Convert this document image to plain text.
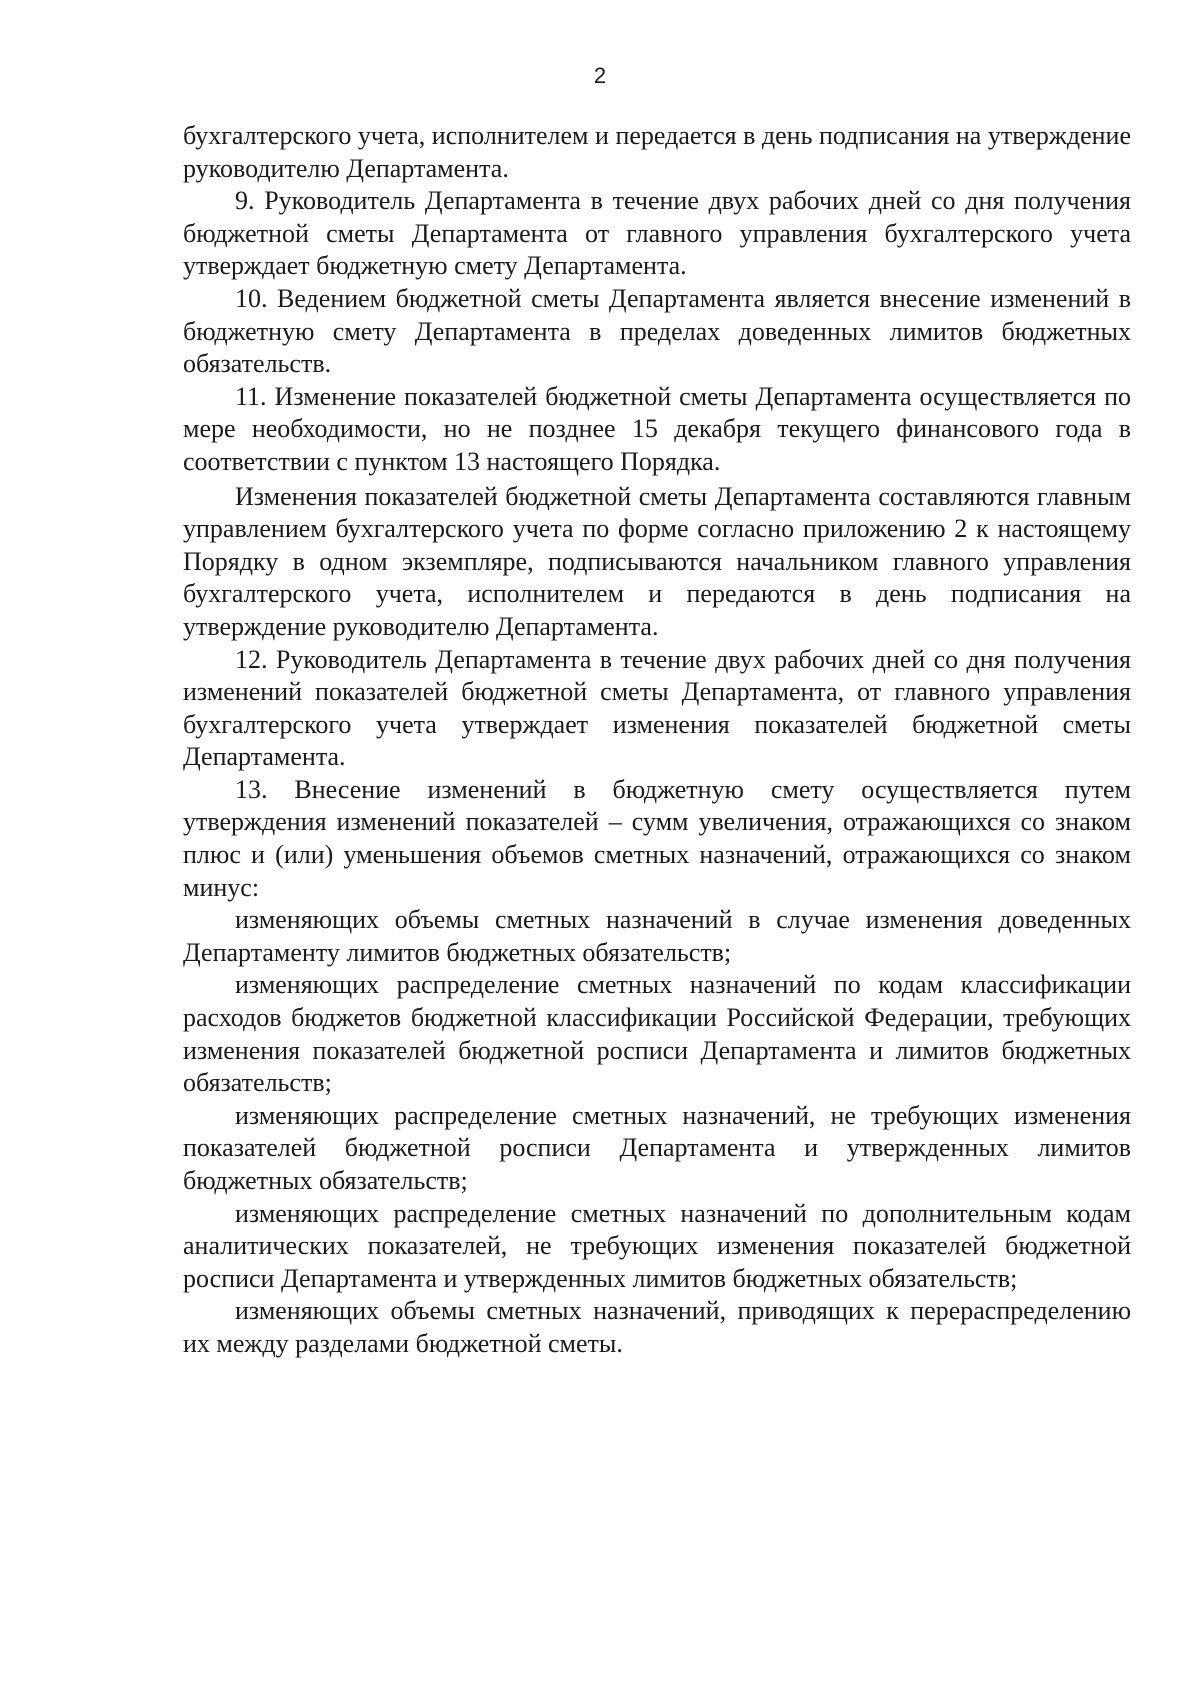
2

бухгалтерского учета, исполнителем и передается в день подписания на утверждение руководителю Департамента.

9. Руководитель Департамента в течение двух рабочих дней со дня получения бюджетной сметы Департамента от главного управления бухгалтерского учета утверждает бюджетную смету Департамента.

10. Ведением бюджетной сметы Департамента является внесение изменений в бюджетную смету Департамента в пределах доведенных лимитов бюджетных обязательств.

11. Изменение показателей бюджетной сметы Департамента осуществляется по мере необходимости, но не позднее 15 декабря текущего финансового года в соответствии с пунктом 13 настоящего Порядка.

Изменения показателей бюджетной сметы Департамента составляются главным управлением бухгалтерского учета по форме согласно приложению 2 к настоящему Порядку в одном экземпляре, подписываются начальником главного управления бухгалтерского учета, исполнителем и передаются в день подписания на утверждение руководителю Департамента.

12. Руководитель Департамента в течение двух рабочих дней со дня получения изменений показателей бюджетной сметы Департамента, от главного управления бухгалтерского учета утверждает изменения показателей бюджетной сметы Департамента.

13. Внесение изменений в бюджетную смету осуществляется путем утверждения изменений показателей – сумм увеличения, отражающихся со знаком плюс и (или) уменьшения объемов сметных назначений, отражающихся со знаком минус:

изменяющих объемы сметных назначений в случае изменения доведенных Департаменту лимитов бюджетных обязательств;

изменяющих распределение сметных назначений по кодам классификации расходов бюджетов бюджетной классификации Российской Федерации, требующих изменения показателей бюджетной росписи Департамента и лимитов бюджетных обязательств;

изменяющих распределение сметных назначений, не требующих изменения показателей бюджетной росписи Департамента и утвержденных лимитов бюджетных обязательств;

изменяющих распределение сметных назначений по дополнительным кодам аналитических показателей, не требующих изменения показателей бюджетной росписи Департамента и утвержденных лимитов бюджетных обязательств;

изменяющих объемы сметных назначений, приводящих к перераспределению их между разделами бюджетной сметы.
